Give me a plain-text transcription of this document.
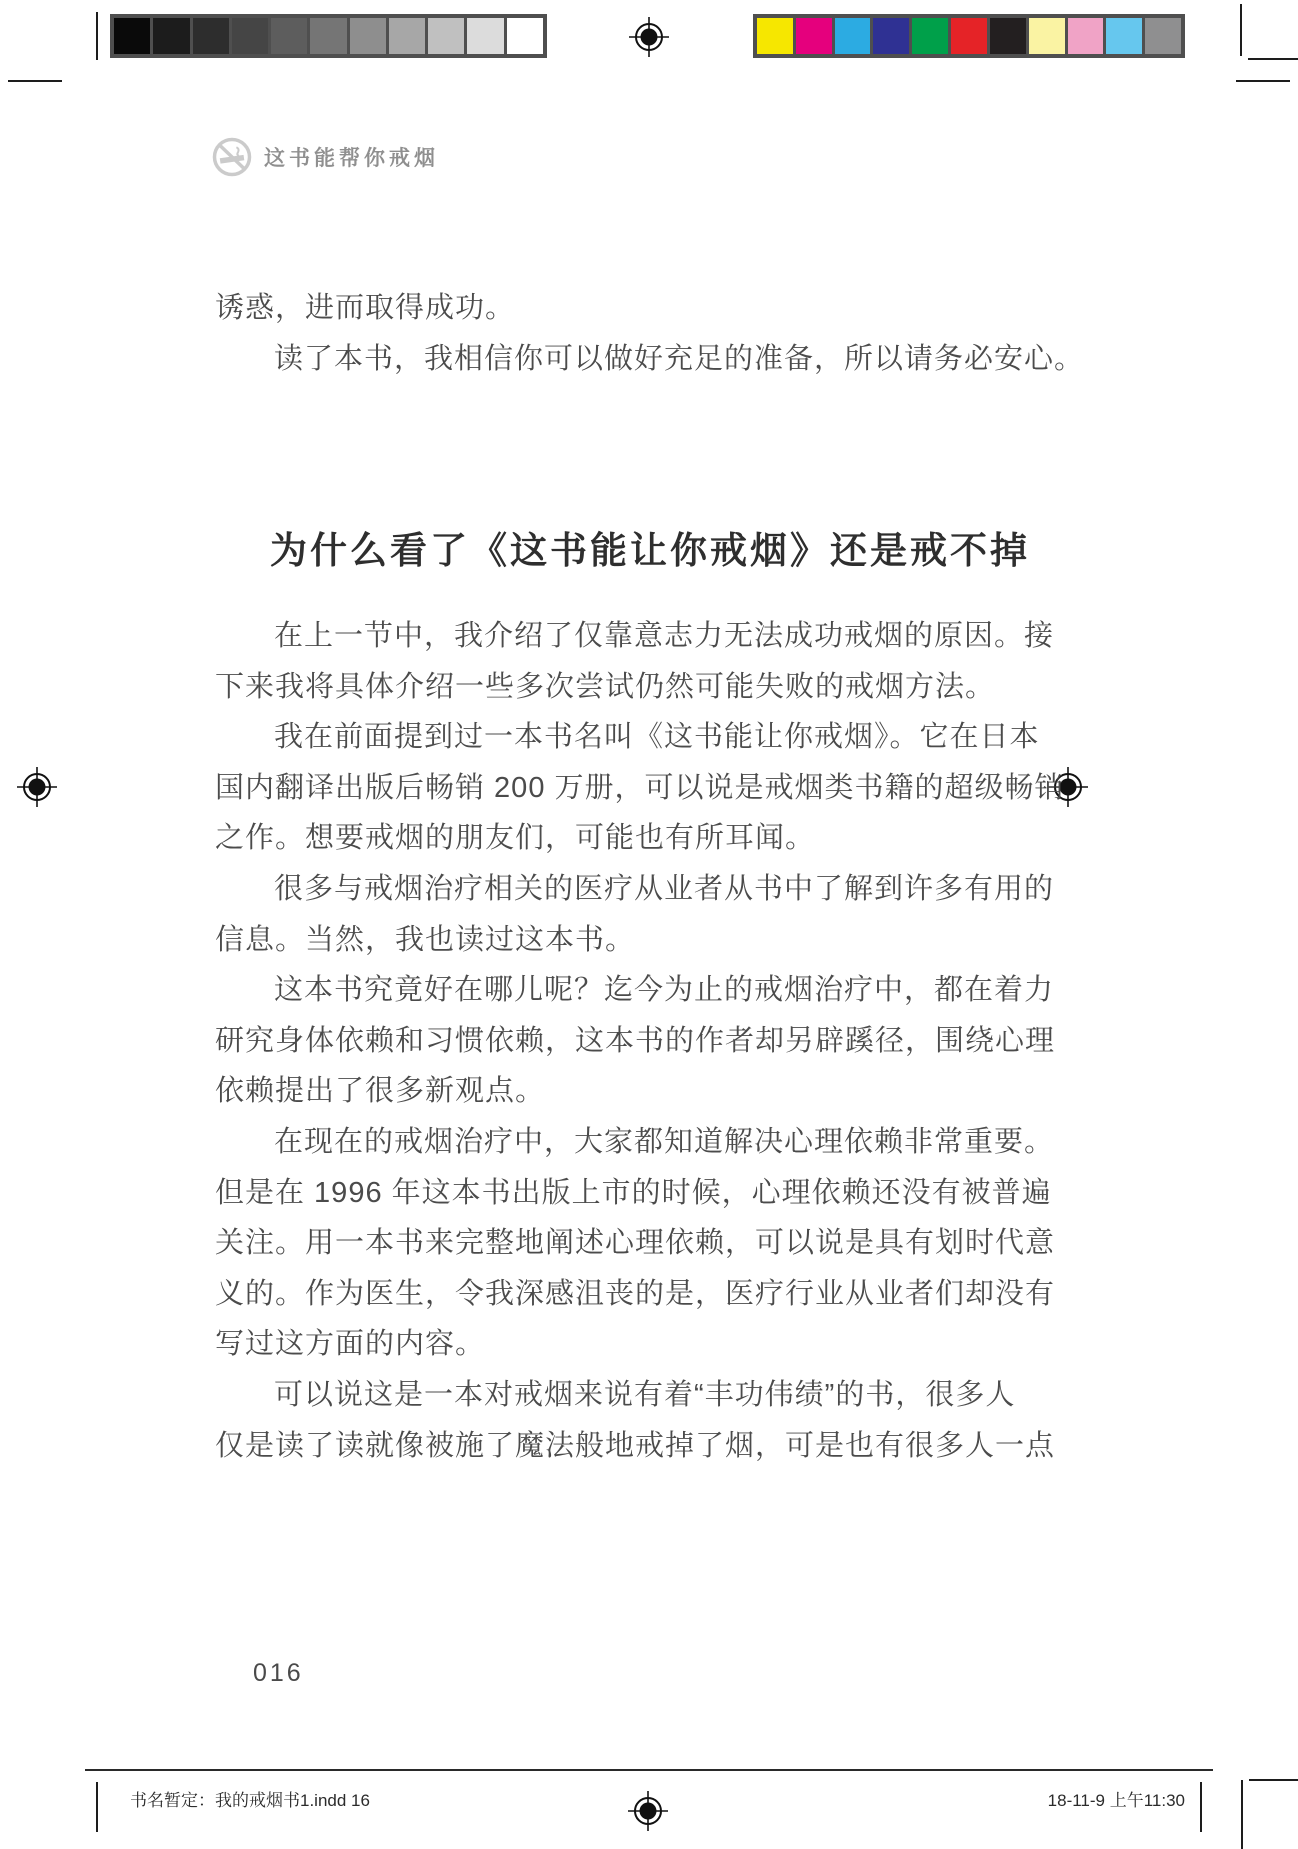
这书能帮你戒烟
诱惑，进而取得成功。
读了本书，我相信你可以做好充足的准备，所以请务必安心。
为什么看了《这书能让你戒烟》还是戒不掉
在上一节中，我介绍了仅靠意志力无法成功戒烟的原因。接
下来我将具体介绍一些多次尝试仍然可能失败的戒烟方法。
我在前面提到过一本书名叫《这书能让你戒烟》。它在日本
国内翻译出版后畅销 200 万册，可以说是戒烟类书籍的超级畅销
之作。想要戒烟的朋友们，可能也有所耳闻。
很多与戒烟治疗相关的医疗从业者从书中了解到许多有用的
信息。当然，我也读过这本书。
这本书究竟好在哪儿呢？迄今为止的戒烟治疗中，都在着力
研究身体依赖和习惯依赖，这本书的作者却另辟蹊径，围绕心理
依赖提出了很多新观点。
在现在的戒烟治疗中，大家都知道解决心理依赖非常重要。
但是在 1996 年这本书出版上市的时候，心理依赖还没有被普遍
关注。用一本书来完整地阐述心理依赖，可以说是具有划时代意
义的。作为医生，令我深感沮丧的是，医疗行业从业者们却没有
写过这方面的内容。
可以说这是一本对戒烟来说有着“丰功伟绩”的书，很多人
仅是读了读就像被施了魔法般地戒掉了烟，可是也有很多人一点
016
书名暂定：我的戒烟书1.indd 16	18-11-9 上午11:30
